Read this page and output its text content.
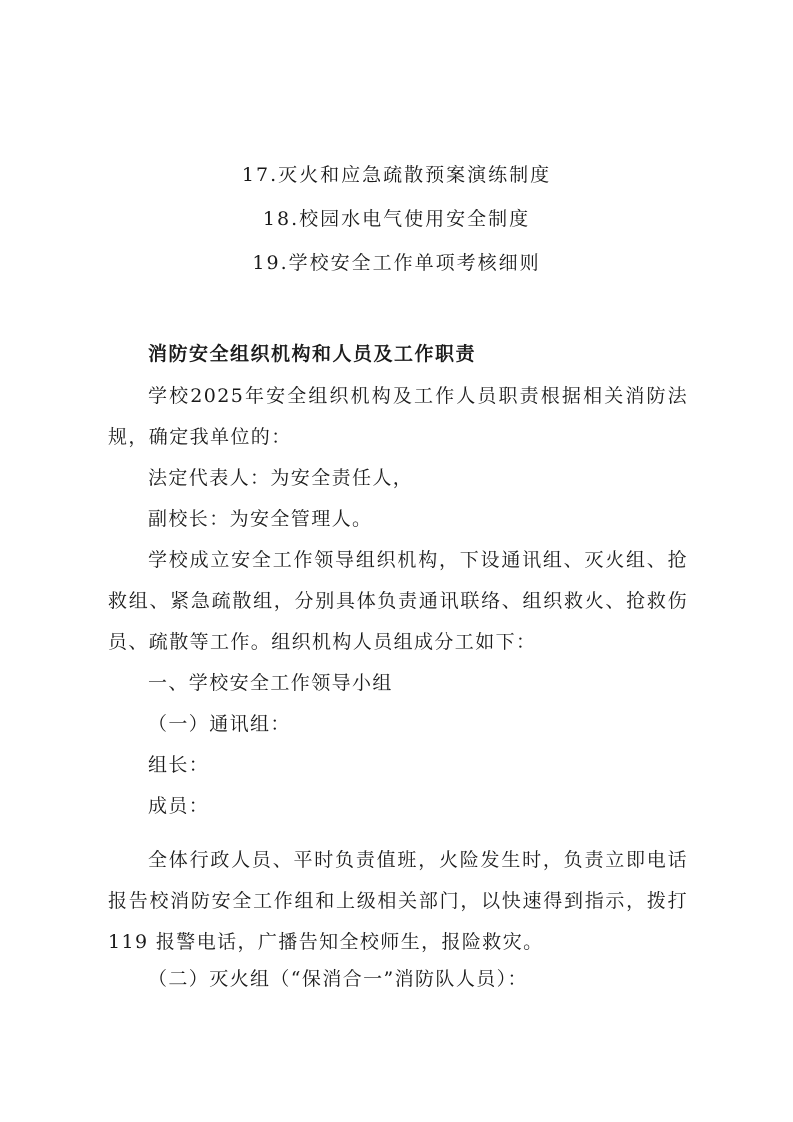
17.灭火和应急疏散预案演练制度
18.校园水电气使用安全制度
19.学校安全工作单项考核细则
消防安全组织机构和人员及工作职责
学校2025年安全组织机构及工作人员职责根据相关消防法规，确定我单位的：
法定代表人：为安全责任人，
副校长：为安全管理人。
学校成立安全工作领导组织机构，下设通讯组、灭火组、抢救组、紧急疏散组，分别具体负责通讯联络、组织救火、抢救伤员、疏散等工作。组织机构人员组成分工如下：
一、学校安全工作领导小组
（一）通讯组：
组长：
成员：
全体行政人员、平时负责值班，火险发生时，负责立即电话报告校消防安全工作组和上级相关部门，以快速得到指示，拨打 119 报警电话，广播告知全校师生，报险救灾。
（二）灭火组（“保消合一”消防队人员）：
